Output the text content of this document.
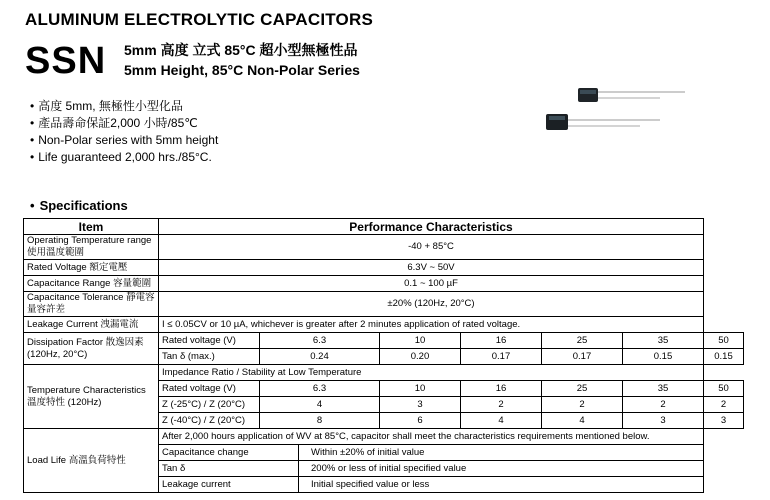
ALUMINUM ELECTROLYTIC CAPACITORS
SSN 5mm 高度 立式 85°C 超小型無極性品
5mm Height, 85°C Non-Polar Series
• 高度 5mm, 無極性小型化品
• 產品壽命保証2,000 小時/85℃
• Non-Polar series with 5mm height
• Life guaranteed 2,000 hrs./85°C.
• Specifications
Item	Performance Characteristics							
Operating Temperature range 使用溫度範圍	-40 + 85°C							
Rated Voltage 額定電壓	6.3V ~ 50V							
Capacitance Range 容量範圍	0.1 ~ 100 µF							
Capacitance Tolerance 靜電容量容許差	±20% (120Hz, 20°C)							
Leakage Current 洩漏電流	I ≤ 0.05CV or 10 µA, whichever is greater after 2 minutes application of rated voltage.							
Dissipation Factor 散逸因素 (120Hz, 20°C)	Rated voltage (V)	6.3		10	16	25	35	50
	Tan δ (max.)	0.24		0.20	0.17	0.17	0.15	0.15
Temperature Characteristics 溫度特性 (120Hz)	Impedance Ratio / Stability at Low Temperature							
	Rated voltage (V)	6.3		10	16	25	35	50
	Z (-25°C) / Z (20°C)	4		3	2	2	2	2
	Z (-40°C) / Z (20°C)	8		6	4	4	3	3
Load Life 高溫負荷特性	After 2,000 hours application of WV at 85°C, capacitor shall meet the characteristics requirements mentioned below.							
	Capacitance change		Within ±20% of initial value					
	Tan δ		200% or less of initial specified value					
	Leakage current		Initial specified value or less					
